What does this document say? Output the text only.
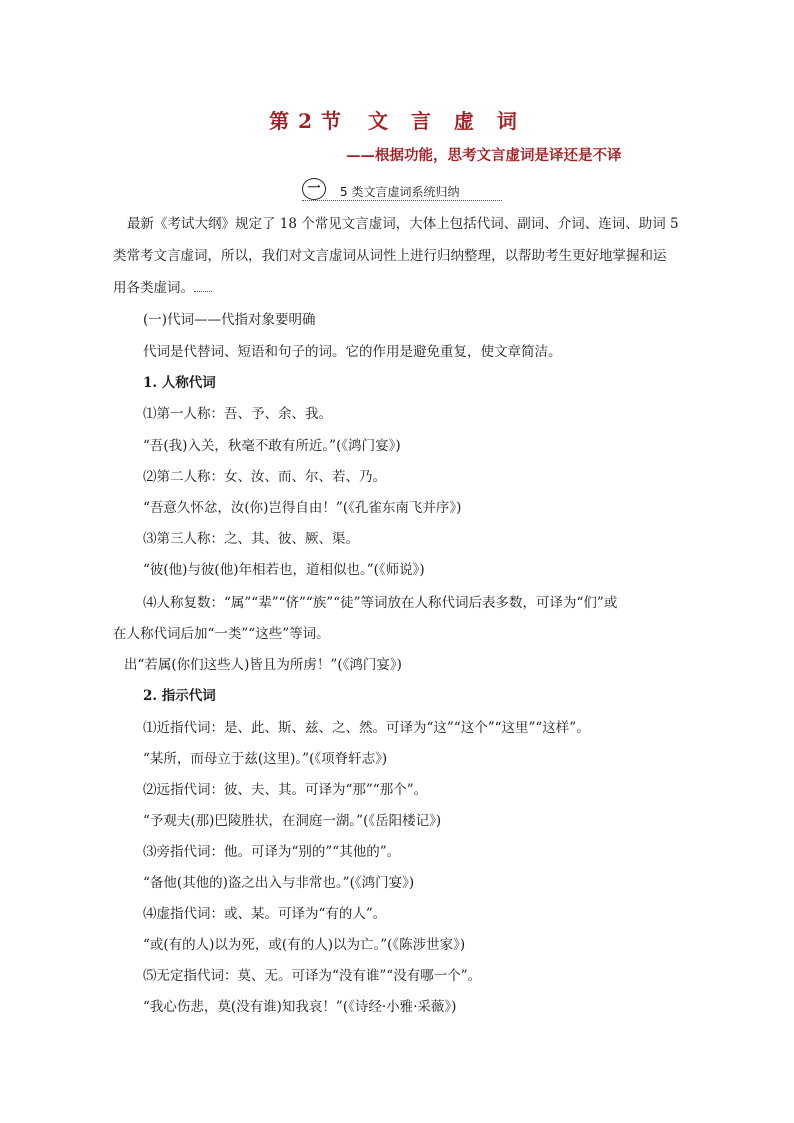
第 2 节 文 言 虚 词
——根据功能，思考文言虚词是译还是不译
一	5 类文言虚词系统归纳
最新《考试大纲》规定了 18 个常见文言虚词，大体上包括代词、副词、介词、连词、助词 5
类常考文言虚词，所以，我们对文言虚词从词性上进行归纳整理，以帮助考生更好地掌握和运
用各类虚词。
(一)代词——代指对象要明确
代词是代替词、短语和句子的词。它的作用是避免重复，使文章简洁。
1. 人称代词
⑴第一人称：吾、予、余、我。
“吾(我)入关，秋毫不敢有所近。”(《鸿门宴》)
⑵第二人称：女、汝、而、尔、若、乃。
“吾意久怀忿，汝(你)岂得自由！”(《孔雀东南飞并序》)
⑶第三人称：之、其、彼、厥、渠。
“彼(他)与彼(他)年相若也，道相似也。”(《师说》)
⑷人称复数：“属”“辈”“侪”“族”“徒”等词放在人称代词后表多数，可译为“们”或
在人称代词后加“一类”“这些”等词。
出“若属(你们这些人)皆且为所虏！”(《鸿门宴》)
2. 指示代词
⑴近指代词：是、此、斯、兹、之、然。可译为“这”“这个”“这里”“这样”。
“某所，而母立于兹(这里)。”(《项脊轩志》)
⑵远指代词：彼、夫、其。可译为“那”“那个”。
“予观夫(那)巴陵胜状，在洞庭一湖。”(《岳阳楼记》)
⑶旁指代词：他。可译为“别的”“其他的”。
“备他(其他的)盗之出入与非常也。”(《鸿门宴》)
⑷虚指代词：或、某。可译为“有的人”。
“或(有的人)以为死，或(有的人)以为亡。”(《陈涉世家》)
⑸无定指代词：莫、无。可译为“没有谁”“没有哪一个”。
“我心伤悲，莫(没有谁)知我哀！”(《诗经·小雅·采薇》)
